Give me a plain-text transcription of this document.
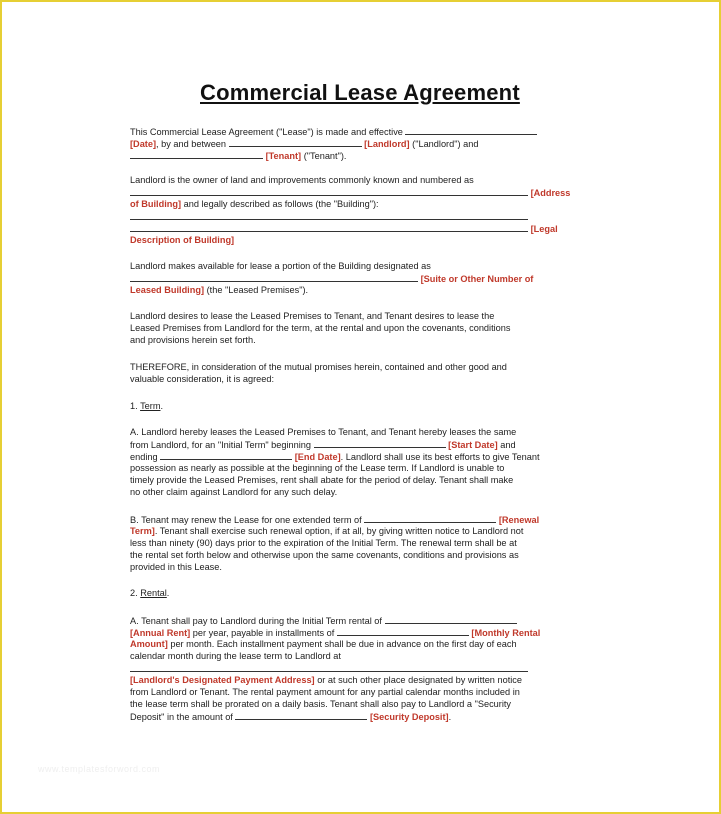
Commercial Lease Agreement
This Commercial Lease Agreement ("Lease") is made and effective
[Date], by and between	[Landlord] ("Landlord") and
[Tenant] ("Tenant").
Landlord is the owner of land and improvements commonly known and numbered as
[Address
of Building] and legally described as follows (the "Building"):
[Legal
Description of Building]
Landlord makes available for lease a portion of the Building designated as
[Suite or Other Number of
Leased Building] (the "Leased Premises").
Landlord desires to lease the Leased Premises to Tenant, and Tenant desires to lease the
Leased Premises from Landlord for the term, at the rental and upon the covenants, conditions
and provisions herein set forth.
THEREFORE, in consideration of the mutual promises herein, contained and other good and
valuable consideration, it is agreed:
1. Term.
A. Landlord hereby leases the Leased Premises to Tenant, and Tenant hereby leases the same
from Landlord, for an "Initial Term" beginning	[Start Date] and
ending	[End Date]. Landlord shall use its best efforts to give Tenant
possession as nearly as possible at the beginning of the Lease term. If Landlord is unable to
timely provide the Leased Premises, rent shall abate for the period of delay. Tenant shall make
no other claim against Landlord for any such delay.
B. Tenant may renew the Lease for one extended term of	[Renewal
Term]. Tenant shall exercise such renewal option, if at all, by giving written notice to Landlord not
less than ninety (90) days prior to the expiration of the Initial Term. The renewal term shall be at
the rental set forth below and otherwise upon the same covenants, conditions and provisions as
provided in this Lease.
2. Rental.
A. Tenant shall pay to Landlord during the Initial Term rental of
[Annual Rent] per year, payable in installments of	[Monthly Rental
Amount] per month. Each installment payment shall be due in advance on the first day of each
calendar month during the lease term to Landlord at
[Landlord's Designated Payment Address] or at such other place designated by written notice
from Landlord or Tenant. The rental payment amount for any partial calendar months included in
the lease term shall be prorated on a daily basis. Tenant shall also pay to Landlord a "Security
Deposit" in the amount of	[Security Deposit].
www.templatesforword.com
